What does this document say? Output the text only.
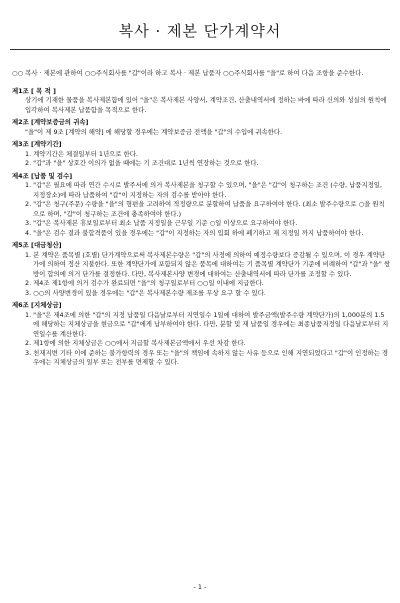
복사 · 제본 단가계약서

○○ 복사 · 제본에 관하여 ○○주식회사를 "갑"이라 하고 복사 · 제본 납품자 ○○주식회사를 "을"로 하여 다음 조항을 준수한다.

제1조 [ 목 적 ]

상기에 기재한 물품을 복사제본함에 있어 "을"은 복사제본 사양서, 계약조건, 산출내역서에 정하는 바에 따라 신의와 성실의 원칙에 입각하여 복사제본 납품함을 목적으로 한다.

제2조 [계약보증금의 귀속]

"을"이 제 9조 [계약의 해약] 에 해당할 경우에는 계약보증금 전액을 "갑"의 수입에 귀속한다.

제3조 [계약기간]

1. 계약기간은 체결일부터 1년으로 한다.

2. "갑"과 "을" 상호간 이의가 없을 때에는 기 조건대로 1년씩 연장하는 것으로 한다.

제4조 [납품 및 검수]

1. "갑"은 필요에 따라 연간 수시로 발주서에 의거 복사제본을 청구할 수 있으며, "을"은 "갑"이 청구하는 조건 (수량, 납품지정일, 지정장소)에 따라 납품하여 "갑"이 지정하는 자의 검수를 받아야 한다.

2. "갑"은 청구(주문) 수량을 "을"의 형편을 고려하여 적정량으로 분할하여 납품을 요구하여야 한다. (최소 발주수량으로 ○을 원칙으로 하며, "갑"이 청구하는 조건에 충족하여야 한다.)

3. "갑"은 복사제본 휴보일로부터 최소 납품 지정일을 근무일 기준 ○일 이상으로 요구하여야 한다.

4. "을"은 검수 결과 불합격품이 있을 경우에는 "갑"이 지정하는 자의 입회 하에 폐기하고 재 지정일 까지 납품하여야 한다.

제5조 [대금청산]

1. 본 계약은 품목별 (호별) 단가계약으로써 복사제본수량은 "갑"의 사정에 의하여 예정수량보다 증감될 수 있으며, 이 경우 계약단가에 의하여 정산 지불한다. 또한 계약단가에 포함되지 않은 품목에 대하여는 기 품목별 계약단가 기준에 비례하여 "갑"과 "을" 쌍방이 합의에 의거 단가를 결정한다. 다만, 복사제본사양 변경에 대하여는 산출내역서에 따라 단가를 조정할 수 있다.

2. 제4조 제1항에 의거 검수가 완료되면 "을"의 청구일로부터 ○○일 이내에 지급한다.

3. ○○의 사양변경이 있을 경우에는 "갑"은 복사제본수량 제조를 무상 요구 할 수 있다.

제6조 [지체상금]

1. "을"은 제4조에 의한 "갑"의 지정 납품일 다음날로부터 지연일수 1일에 대하여 발주금액(발주수량 계약단가)의 1,000분의 1.5에 해당하는 지체상금을 현금으로 "갑"에게 납부하여야 한다. 다만, 분할 및 재 납품일 경우에는 최종납품지정일 다음날로부터 지연일수를 계산한다.

2. 제1항에 의한 지체상금은 ○○에서 지급할 복사제본금액에서 우선 차감 한다.

3. 천재지변 기타 이에 준하는 불가항력의 경우 또는 "을"의 책임에 속하지 않는 사유 등으로 인해 지연되었다고 "갑"이 인정하는 경우에는 지체상금의 일부 또는 전부를 면제할 수 있다.

- 1 -
